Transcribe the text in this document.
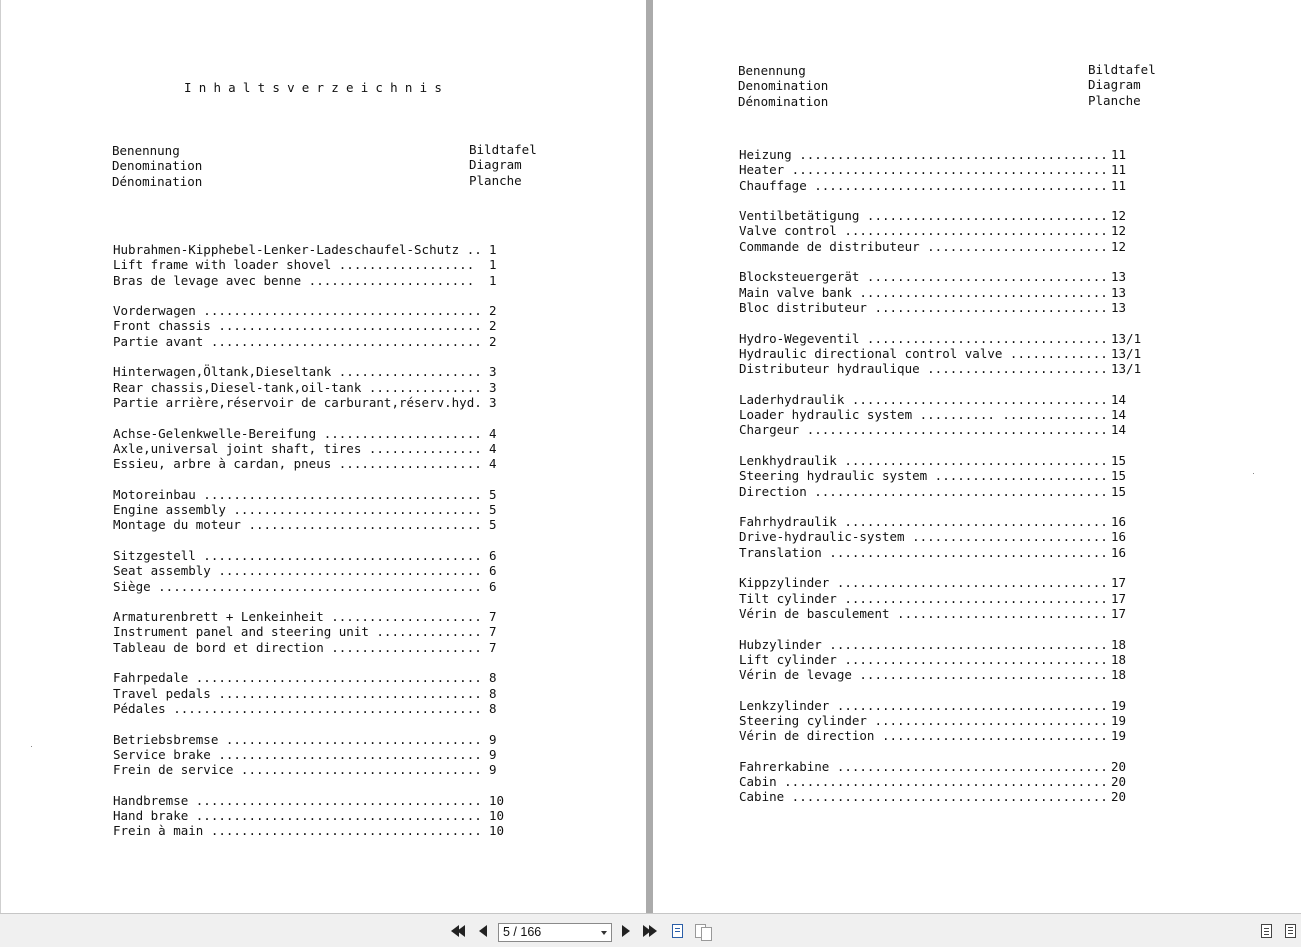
Inhaltsverzeichnis
Benennung
Denomination
Dénomination
Bildtafel
Diagram
Planche
Hubrahmen-Kipphebel-Lenker-Ladeschaufel-Schutz .. 1
Lift frame with loader shovel .................. 1
Bras de levage avec benne ...................... 1
Vorderwagen ..................................... 2
Front chassis ................................... 2
Partie avant .................................... 2
Hinterwagen,Öltank,Dieseltank ................... 3
Rear chassis,Diesel-tank,oil-tank ............... 3
Partie arrière,réservoir de carburant,réserv.hyd. 3
Achse-Gelenkwelle-Bereifung ..................... 4
Axle,universal joint shaft, tires ............... 4
Essieu, arbre à cardan, pneus ................... 4
Motoreinbau ..................................... 5
Engine assembly ................................. 5
Montage du moteur ............................... 5
Sitzgestell ..................................... 6
Seat assembly ................................... 6
Siège ........................................... 6
Armaturenbrett + Lenkeinheit .................... 7
Instrument panel and steering unit .............. 7
Tableau de bord et direction .................... 7
Fahrpedale ...................................... 8
Travel pedals ................................... 8
Pédales ......................................... 8
Betriebsbremse .................................. 9
Service brake ................................... 9
Frein de service ................................ 9
Handbremse ...................................... 10
Hand brake ...................................... 10
Frein à main .................................... 10
Benennung
Denomination
Dénomination
Bildtafel
Diagram
Planche
Heizung ......................................... 11
Heater .......................................... 11
Chauffage ....................................... 11
Ventilbetätigung ................................ 12
Valve control ................................... 12
Commande de distributeur ........................ 12
Blocksteuergerät ................................ 13
Main valve bank ................................. 13
Bloc distributeur ............................... 13
Hydro-Wegeventil ................................ 13/1
Hydraulic directional control valve ............. 13/1
Distributeur hydraulique ........................ 13/1
Laderhydraulik .................................. 14
Loader hydraulic system .......... .............. 14
Chargeur ........................................ 14
Lenkhydraulik ................................... 15
Steering hydraulic system ....................... 15
Direction ....................................... 15
Fahrhydraulik ................................... 16
Drive-hydraulic-system .......................... 16
Translation ..................................... 16
Kippzylinder .................................... 17
Tilt cylinder ................................... 17
Vérin de basculement ............................ 17
Hubzylinder ..................................... 18
Lift cylinder ................................... 18
Vérin de levage ................................. 18
Lenkzylinder .................................... 19
Steering cylinder ............................... 19
Vérin de direction .............................. 19
Fahrerkabine .................................... 20
Cabin ........................................... 20
Cabine .......................................... 20
5 / 166
